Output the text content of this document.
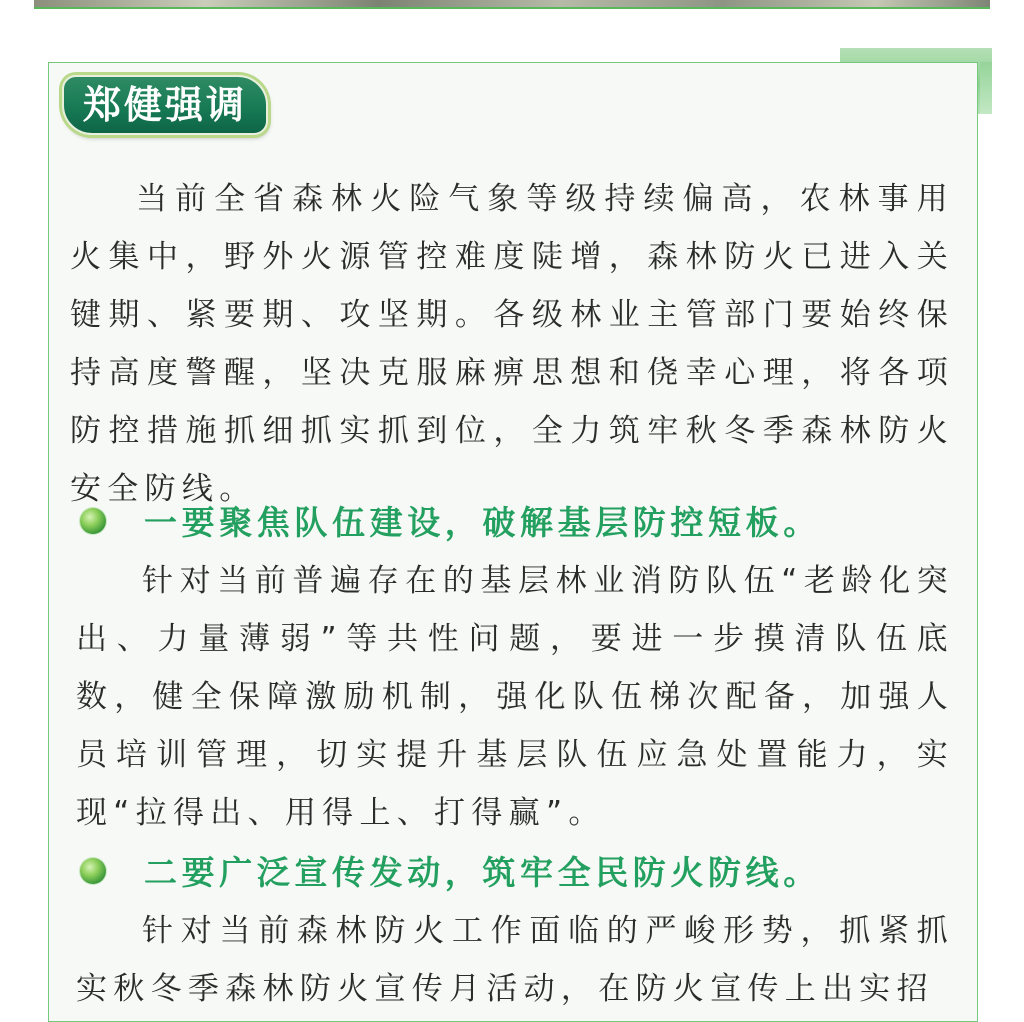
郑健强调

当前全省森林火险气象等级持续偏高，农林事用火集中，野外火源管控难度陡增，森林防火已进入关键期、紧要期、攻坚期。各级林业主管部门要始终保持高度警醒，坚决克服麻痹思想和侥幸心理，将各项防控措施抓细抓实抓到位，全力筑牢秋冬季森林防火安全防线。

一要聚焦队伍建设，破解基层防控短板。

针对当前普遍存在的基层林业消防队伍“老龄化突出、力量薄弱”等共性问题，要进一步摸清队伍底数，健全保障激励机制，强化队伍梯次配备，加强人员培训管理，切实提升基层队伍应急处置能力，实现“拉得出、用得上、打得赢”。

二要广泛宣传发动，筑牢全民防火防线。

针对当前森林防火工作面临的严峻形势，抓紧抓实秋冬季森林防火宣传月活动，在防火宣传上出实招
